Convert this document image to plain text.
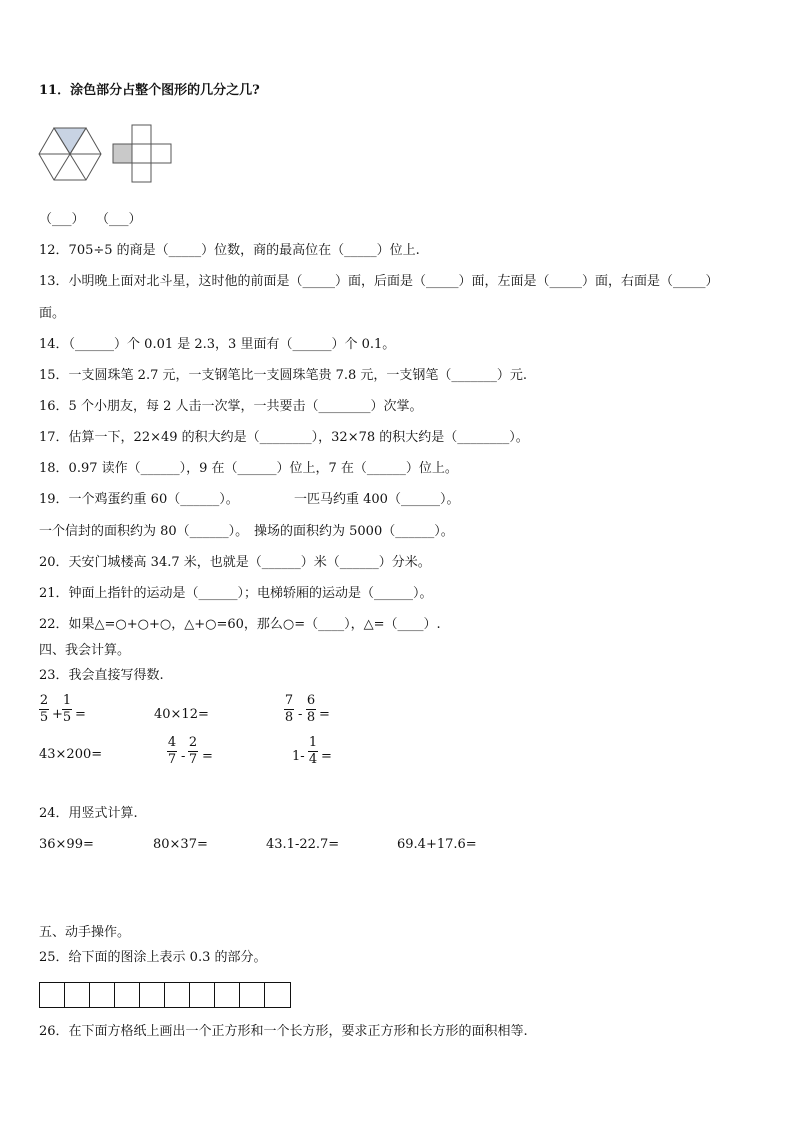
11．涂色部分占整个图形的几分之几?
（___） （___）
12．705÷5 的商是（_____）位数，商的最高位在（_____）位上.
13．小明晚上面对北斗星，这时他的前面是（_____）面，后面是（_____）面，左面是（_____）面，右面是（_____）
面。
14．（______）个 0.01 是 2.3，3 里面有（______）个 0.1。
15．一支圆珠笔 2.7 元，一支钢笔比一支圆珠笔贵 7.8 元，一支钢笔（_______）元.
16．5 个小朋友，每 2 人击一次掌，一共要击（________）次掌。
17．估算一下，22×49 的积大约是（________），32×78 的积大约是（________）。
18．0.97 读作（______），9 在（______）位上，7 在（______）位上。
19．一个鸡蛋约重 60（______）。	一匹马约重 400（______）。
一个信封的面积约为 80（______）。 操场的面积约为 5000（______）。
20．天安门城楼高 34.7 米，也就是（______）米（______）分米。
21．钟面上指针的运动是（______）；电梯轿厢的运动是（______）。
22．如果△=○+○+○，△+○=60，那么○=（____），△=（____）.
四、我会计算。
23．我会直接写得数.
2
5 +
1
5 =	40×12=
7
8 -
6
8 =
43×200=
4
7 -
2
7 =	1-
1
4 =
24．用竖式计算.
36×99=	80×37=	43.1-22.7=	69.4+17.6=
五、动手操作。
25．给下面的图涂上表示 0.3 的部分。
26．在下面方格纸上画出一个正方形和一个长方形，要求正方形和长方形的面积相等.
